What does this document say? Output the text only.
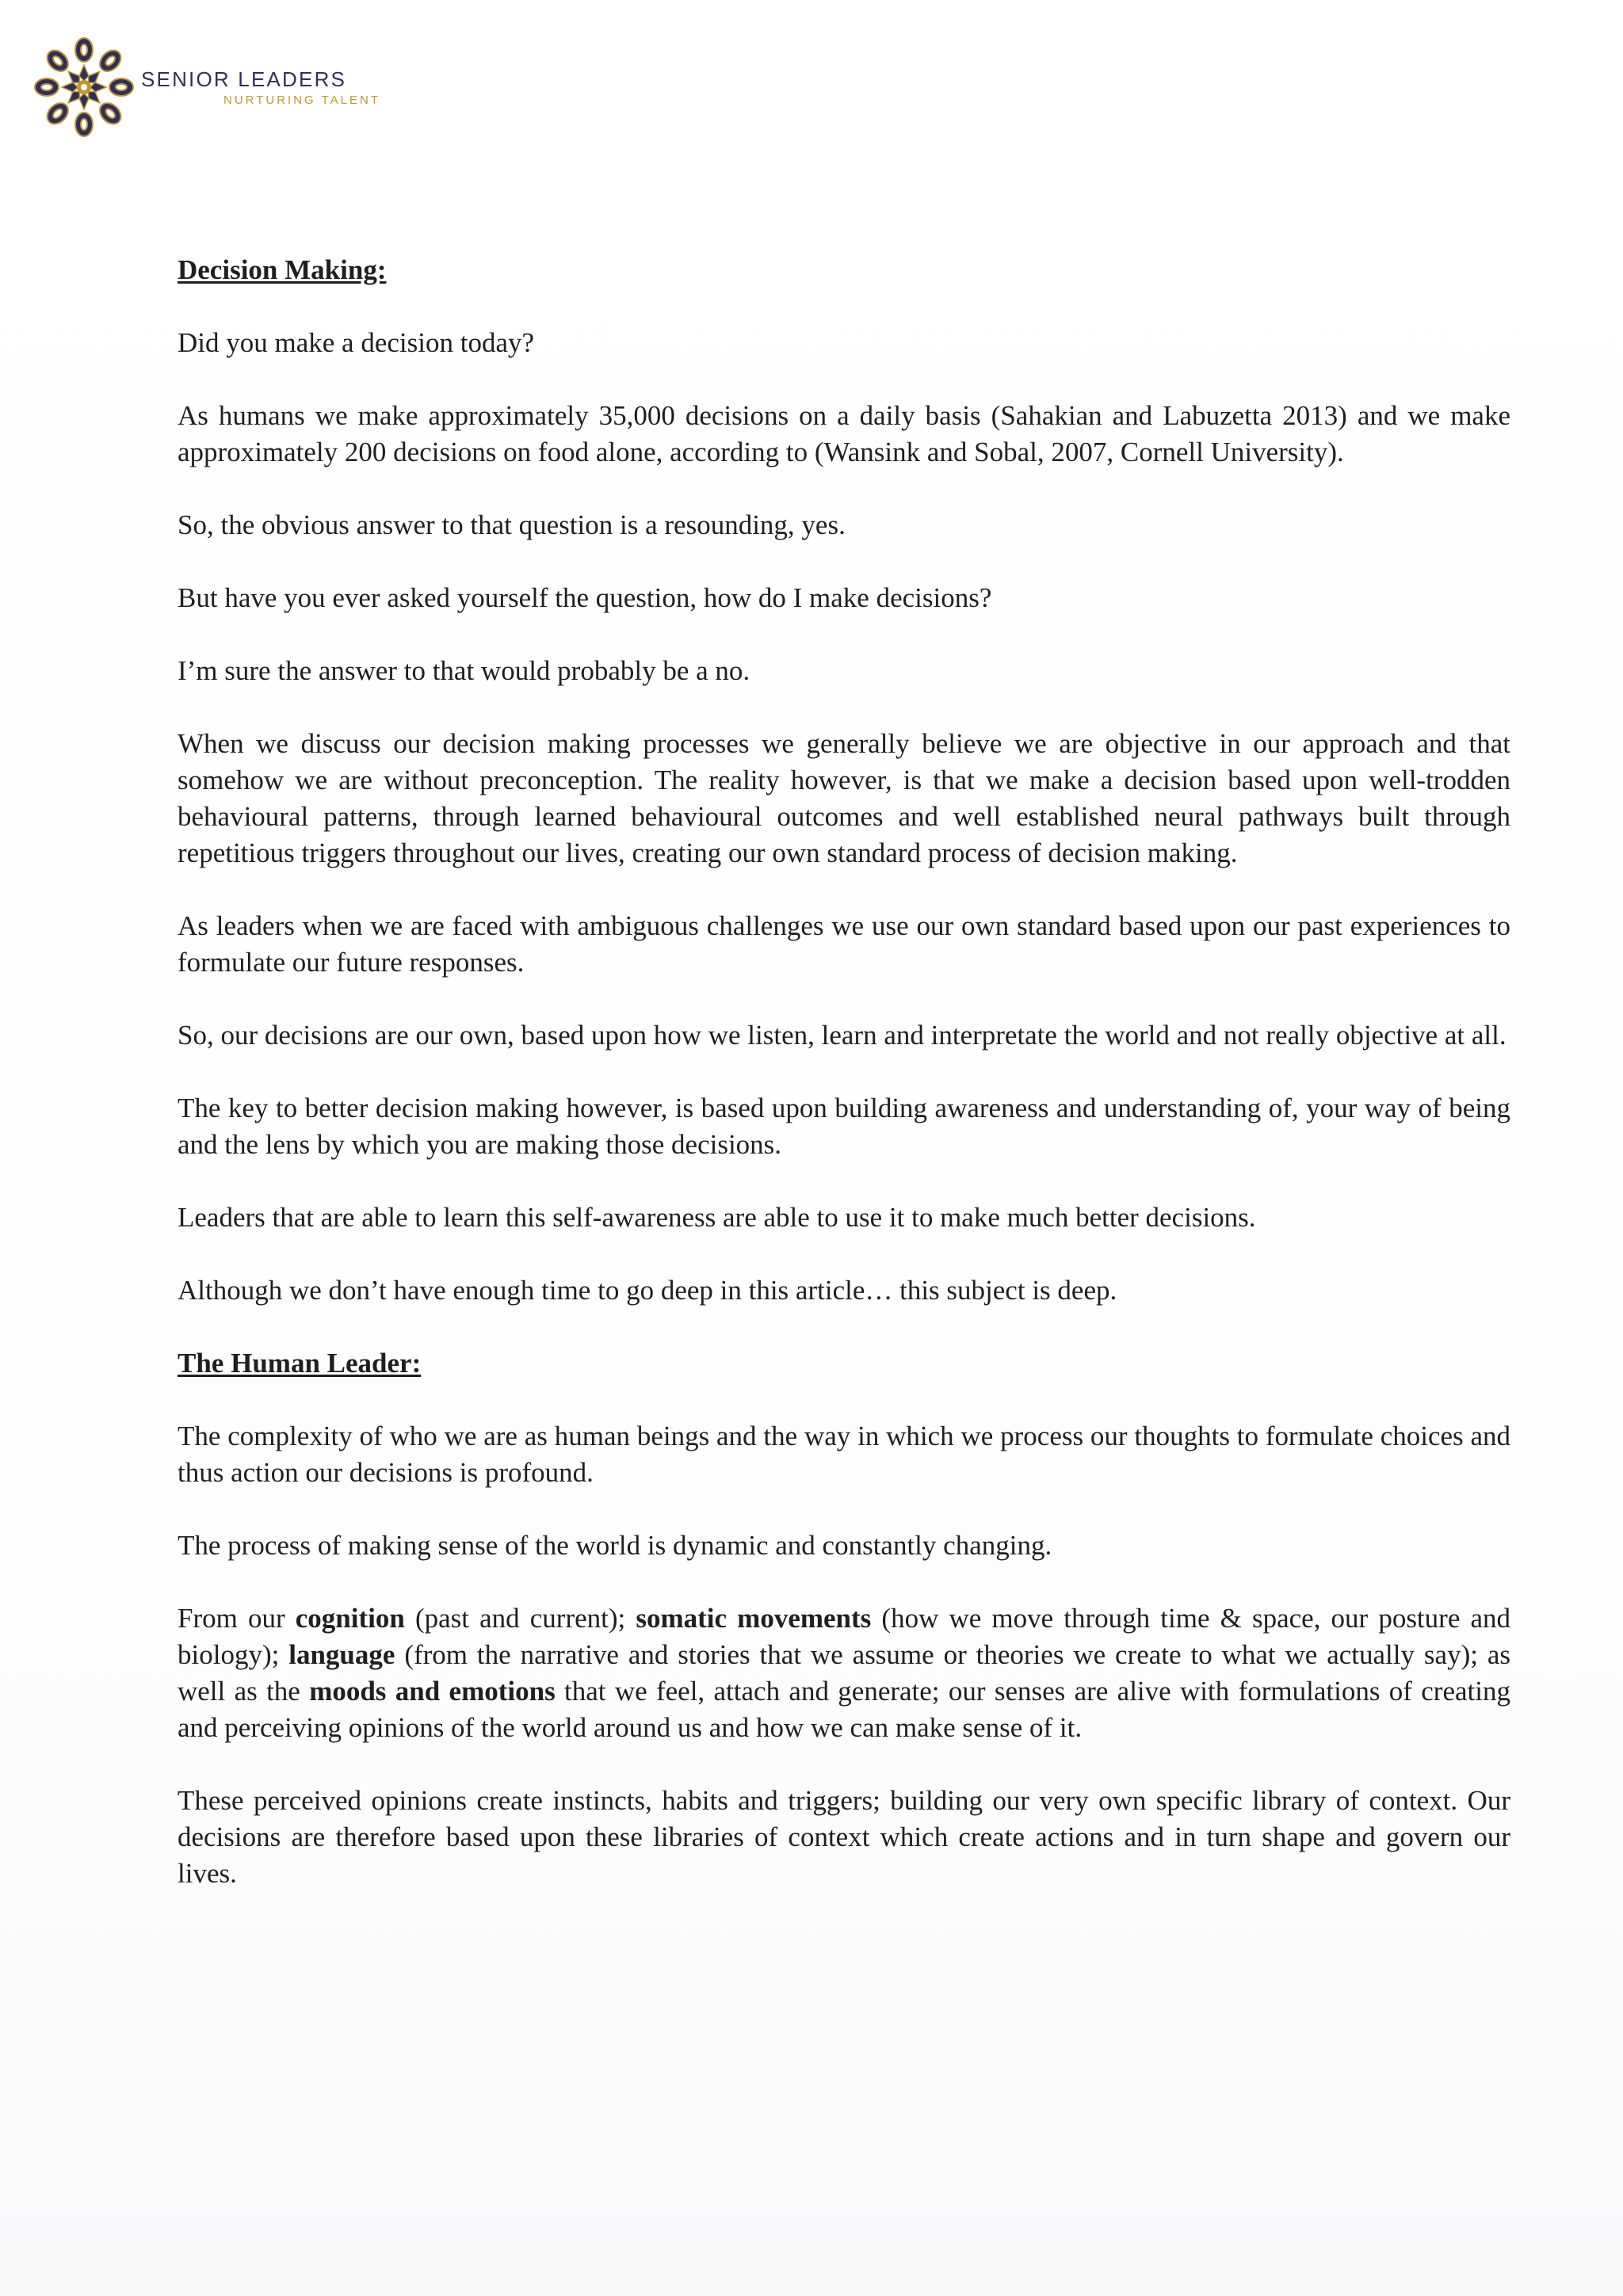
SENIOR LEADERS
NURTURING TALENT
Decision Making:

Did you make a decision today?

As humans we make approximately 35,000 decisions on a daily basis (Sahakian and Labuzetta 2013) and we make approximately 200 decisions on food alone, according to (Wansink and Sobal, 2007, Cornell University).

So, the obvious answer to that question is a resounding, yes.

But have you ever asked yourself the question, how do I make decisions?

I’m sure the answer to that would probably be a no.

When we discuss our decision making processes we generally believe we are objective in our approach and that somehow we are without preconception. The reality however, is that we make a decision based upon well-trodden behavioural patterns, through learned behavioural outcomes and well established neural pathways built through repetitious triggers throughout our lives, creating our own standard process of decision making.

As leaders when we are faced with ambiguous challenges we use our own standard based upon our past experiences to formulate our future responses.

So, our decisions are our own, based upon how we listen, learn and interpretate the world and not really objective at all.

The key to better decision making however, is based upon building awareness and understanding of, your way of being and the lens by which you are making those decisions.

Leaders that are able to learn this self-awareness are able to use it to make much better decisions.

Although we don’t have enough time to go deep in this article… this subject is deep.

The Human Leader:

The complexity of who we are as human beings and the way in which we process our thoughts to formulate choices and thus action our decisions is profound.

The process of making sense of the world is dynamic and constantly changing.

From our cognition (past and current); somatic movements (how we move through time & space, our posture and biology); language (from the narrative and stories that we assume or theories we create to what we actually say); as well as the moods and emotions that we feel, attach and generate; our senses are alive with formulations of creating and perceiving opinions of the world around us and how we can make sense of it.

These perceived opinions create instincts, habits and triggers; building our very own specific library of context. Our decisions are therefore based upon these libraries of context which create actions and in turn shape and govern our lives.
